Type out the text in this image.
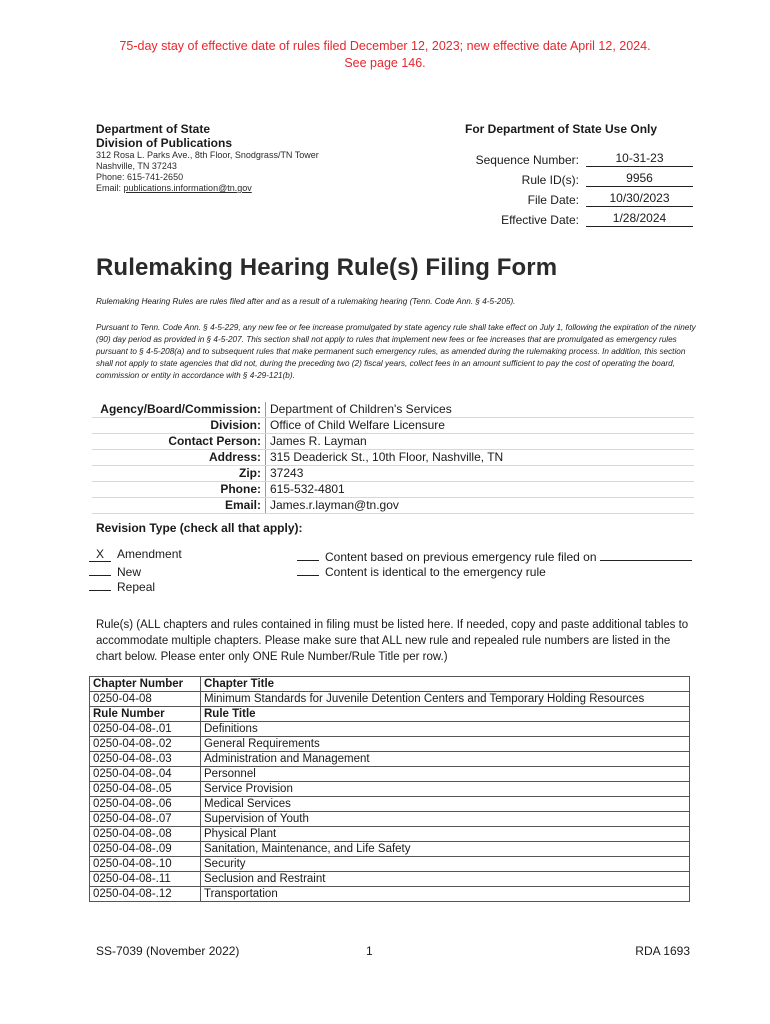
75-day stay of effective date of rules filed December 12, 2023; new effective date April 12, 2024.
See page 146.
Department of State
Division of Publications
312 Rosa L. Parks Ave., 8th Floor, Snodgrass/TN Tower
Nashville, TN 37243
Phone: 615-741-2650
Email: publications.information@tn.gov
For Department of State Use Only
Sequence Number:	10-31-23
Rule ID(s):	9956
File Date:	10/30/2023
Effective Date:	1/28/2024
Rulemaking Hearing Rule(s) Filing Form
Rulemaking Hearing Rules are rules filed after and as a result of a rulemaking hearing (Tenn. Code Ann. § 4-5-205).
Pursuant to Tenn. Code Ann. § 4-5-229, any new fee or fee increase promulgated by state agency rule shall take effect on July 1, following the expiration of the ninety (90) day period as provided in § 4-5-207. This section shall not apply to rules that implement new fees or fee increases that are promulgated as emergency rules pursuant to § 4-5-208(a) and to subsequent rules that make permanent such emergency rules, as amended during the rulemaking process. In addition, this section shall not apply to state agencies that did not, during the preceding two (2) fiscal years, collect fees in an amount sufficient to pay the cost of operating the board, commission or entity in accordance with § 4-29-121(b).
Agency/Board/Commission:	Department of Children's Services
Division:	Office of Child Welfare Licensure
Contact Person:	James R. Layman
Address:	315 Deaderick St., 10th Floor, Nashville, TN
Zip:	37243
Phone:	615-532-4801
Email:	James.r.layman@tn.gov
Revision Type (check all that apply):
X Amendment
New
Repeal
Content based on previous emergency rule filed on
Content is identical to the emergency rule
Rule(s) (ALL chapters and rules contained in filing must be listed here. If needed, copy and paste additional tables to accommodate multiple chapters. Please make sure that ALL new rule and repealed rule numbers are listed in the chart below. Please enter only ONE Rule Number/Rule Title per row.)
Chapter Number	Chapter Title
0250-04-08	Minimum Standards for Juvenile Detention Centers and Temporary Holding Resources
Rule Number	Rule Title
0250-04-08-.01	Definitions
0250-04-08-.02	General Requirements
0250-04-08-.03	Administration and Management
0250-04-08-.04	Personnel
0250-04-08-.05	Service Provision
0250-04-08-.06	Medical Services
0250-04-08-.07	Supervision of Youth
0250-04-08-.08	Physical Plant
0250-04-08-.09	Sanitation, Maintenance, and Life Safety
0250-04-08-.10	Security
0250-04-08-.11	Seclusion and Restraint
0250-04-08-.12	Transportation
SS-7039 (November 2022)	1	RDA 1693
